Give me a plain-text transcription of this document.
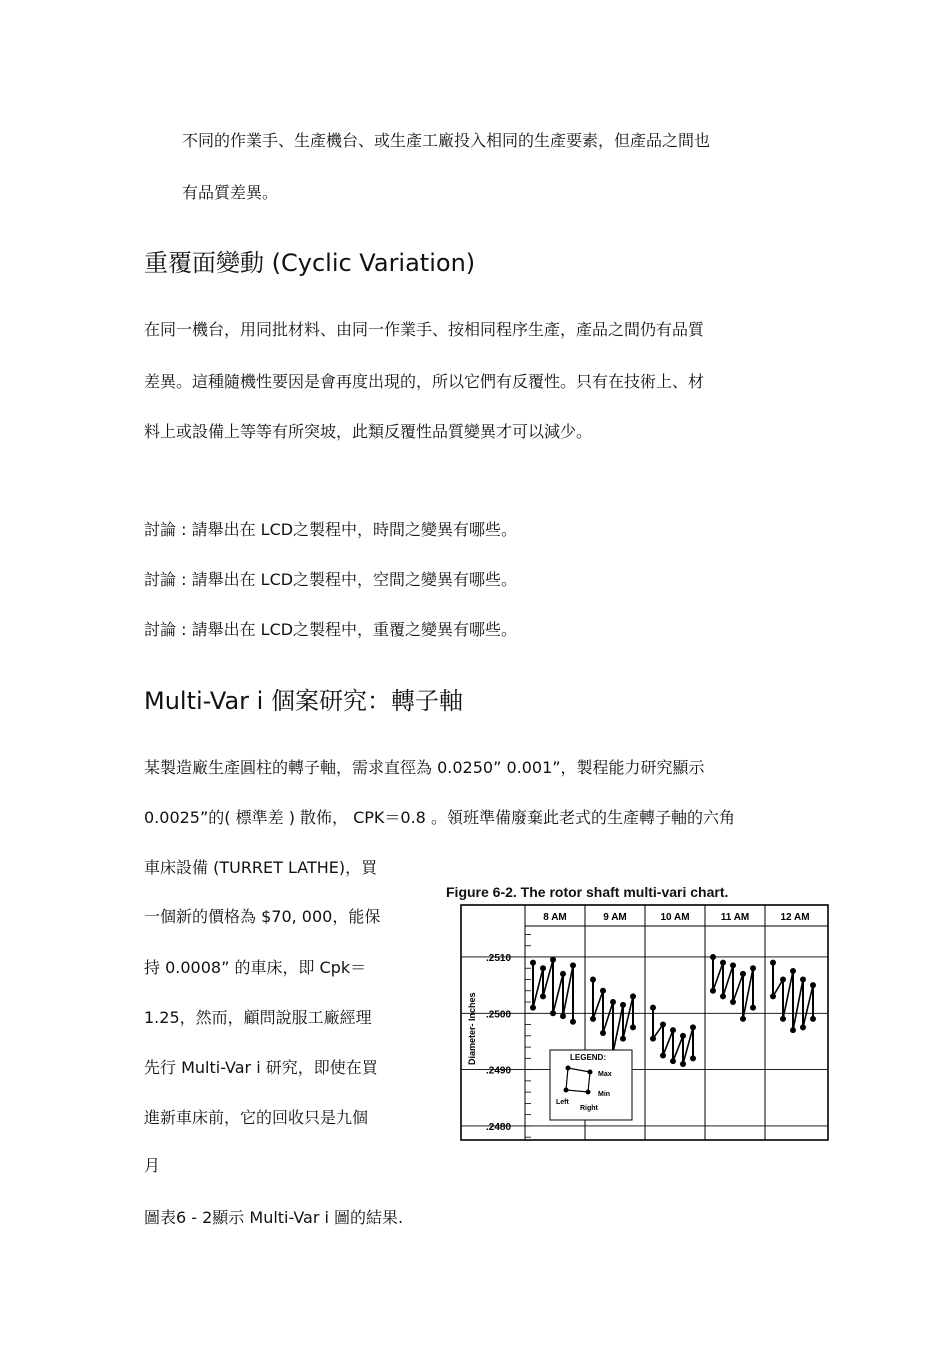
不同的作業手、生產機台、或生產工廠投入相同的生產要素，但產品之間也
有品質差異。
重覆面變動 (Cyclic Variation)
在同一機台，用同批材料、由同一作業手、按相同程序生產，產品之間仍有品質
差異。這種隨機性要因是會再度出現的，所以它們有反覆性。只有在技術上、材
料上或設備上等等有所突坡，此類反覆性品質變異才可以減少。
討論 : 請舉出在 LCD之製程中，時間之變異有哪些。
討論 : 請舉出在 LCD之製程中，空間之變異有哪些。
討論 : 請舉出在 LCD之製程中，重覆之變異有哪些。
Multi-Var i 個案研究：轉子軸
某製造廠生產圓柱的轉子軸，需求直徑為 0.0250” 0.001”，製程能力研究顯示
0.0025”的( 標準差 ) 散佈， CPK＝0.8 。領班準備廢棄此老式的生產轉子軸的六角
車床設備 (TURRET LATHE)，買
一個新的價格為 $70, 000，能保
持 0.0008” 的車床，即 Cpk＝
1.25，然而，顧問說服工廠經理
先行 Multi-Var i 研究，即使在買
進新車床前，它的回收只是九個
月
圖表6 - 2顯示 Multi-Var i 圖的結果.
Figure 6-2. The rotor shaft multi-vari chart.
8 AM	9 AM	10 AM	11 AM	12 AM
.2510
.2500
.2490
.2480
Diameter- Inches	LEGEND:
Max
Min
Left
Right
